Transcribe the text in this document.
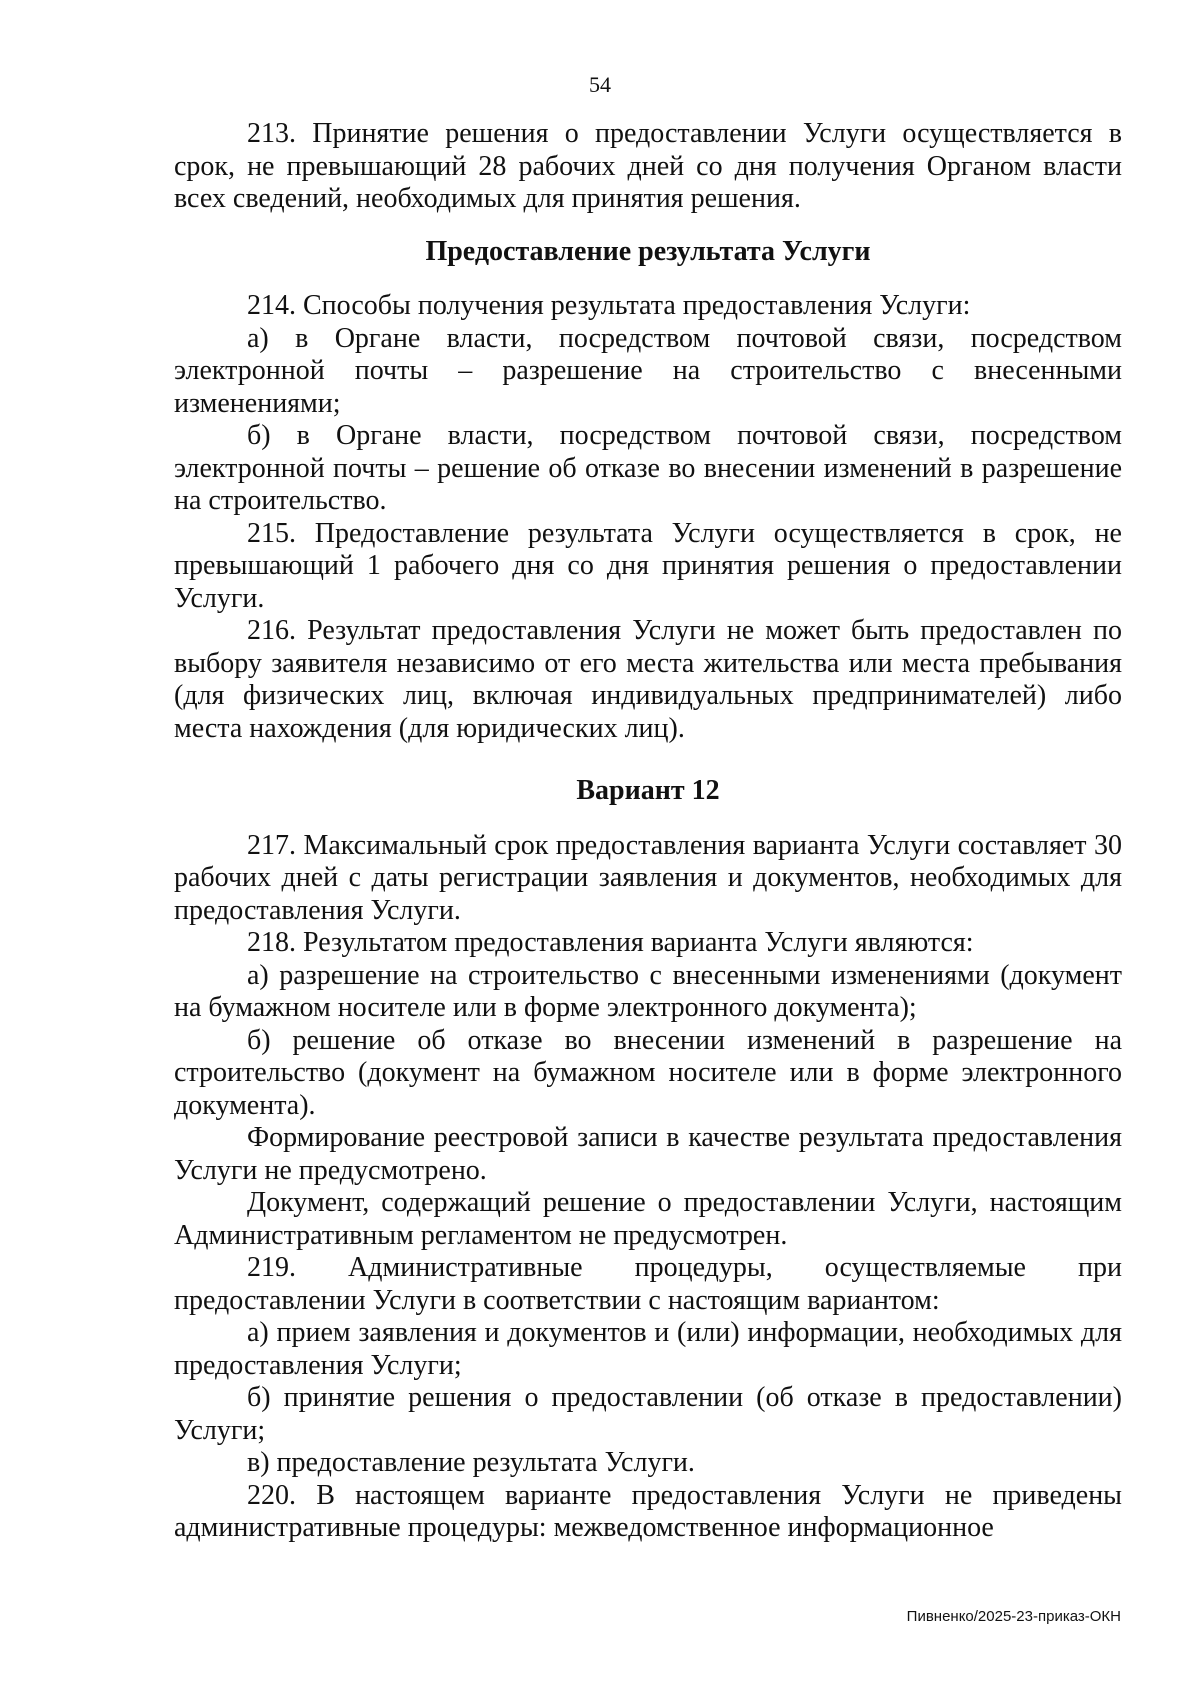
54

213. Принятие решения о предоставлении Услуги осуществляется в срок, не превышающий 28 рабочих дней со дня получения Органом власти всех сведений, необходимых для принятия решения.

Предоставление результата Услуги

214. Способы получения результата предоставления Услуги:

а) в Органе власти, посредством почтовой связи, посредством электронной почты – разрешение на строительство с внесенными изменениями;

б) в Органе власти, посредством почтовой связи, посредством электронной почты – решение об отказе во внесении изменений в разрешение на строительство.

215. Предоставление результата Услуги осуществляется в срок, не превышающий 1 рабочего дня со дня принятия решения о предоставлении Услуги.

216. Результат предоставления Услуги не может быть предоставлен по выбору заявителя независимо от его места жительства или места пребывания (для физических лиц, включая индивидуальных предпринимателей) либо места нахождения (для юридических лиц).

Вариант 12

217. Максимальный срок предоставления варианта Услуги составляет 30 рабочих дней с даты регистрации заявления и документов, необходимых для предоставления Услуги.

218. Результатом предоставления варианта Услуги являются:

а) разрешение на строительство с внесенными изменениями (документ на бумажном носителе или в форме электронного документа);

б) решение об отказе во внесении изменений в разрешение на строительство (документ на бумажном носителе или в форме электронного документа).

Формирование реестровой записи в качестве результата предоставления Услуги не предусмотрено.

Документ, содержащий решение о предоставлении Услуги, настоящим Административным регламентом не предусмотрен.

219. Административные процедуры, осуществляемые при предоставлении Услуги в соответствии с настоящим вариантом:

а) прием заявления и документов и (или) информации, необходимых для предоставления Услуги;

б) принятие решения о предоставлении (об отказе в предоставлении) Услуги;

в) предоставление результата Услуги.

220. В настоящем варианте предоставления Услуги не приведены административные процедуры: межведомственное информационное

Пивненко/2025-23-приказ-ОКН
